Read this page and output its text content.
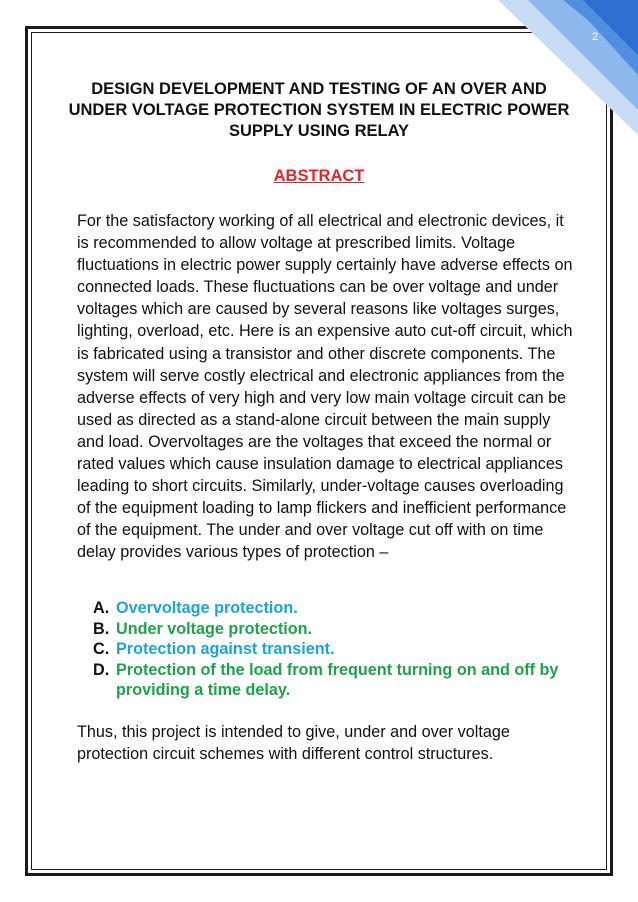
2
DESIGN DEVELOPMENT AND TESTING OF AN OVER AND UNDER VOLTAGE PROTECTION SYSTEM IN ELECTRIC POWER SUPPLY USING RELAY
ABSTRACT
For the satisfactory working of all electrical and electronic devices, it is recommended to allow voltage at prescribed limits. Voltage fluctuations in electric power supply certainly have adverse effects on connected loads. These fluctuations can be over voltage and under voltages which are caused by several reasons like voltages surges, lighting, overload, etc. Here is an expensive auto cut-off circuit, which is fabricated using a transistor and other discrete components. The system will serve costly electrical and electronic appliances from the adverse effects of very high and very low main voltage circuit can be used as directed as a stand-alone circuit between the main supply and load. Overvoltages are the voltages that exceed the normal or rated values which cause insulation damage to electrical appliances leading to short circuits. Similarly, under-voltage causes overloading of the equipment loading to lamp flickers and inefficient performance of the equipment. The under and over voltage cut off with on time delay provides various types of protection –
A. Overvoltage protection.
B. Under voltage protection.
C. Protection against transient.
D. Protection of the load from frequent turning on and off by providing a time delay.
Thus, this project is intended to give, under and over voltage protection circuit schemes with different control structures.
